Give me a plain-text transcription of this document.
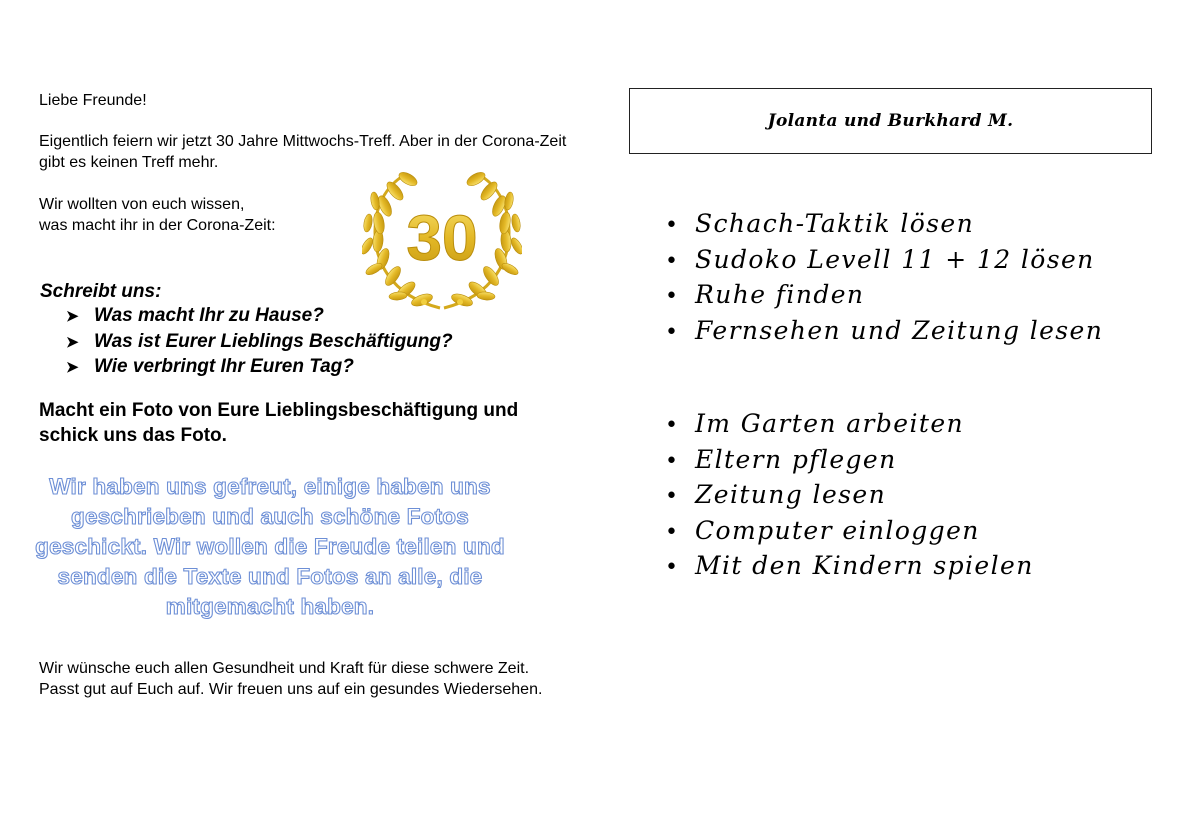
Liebe Freunde!

Eigentlich feiern wir jetzt 30 Jahre Mittwochs-Treff. Aber in der Corona-Zeit gibt es keinen Treff mehr.

Wir wollten von euch wissen,
was macht ihr in der Corona-Zeit:	30
Schreibt uns:
➤ Was macht Ihr zu Hause?
➤ Was ist Eurer Lieblings Beschäftigung?
➤ Wie verbringt Ihr Euren Tag?
Macht ein Foto von Eure Lieblingsbeschäftigung und schick uns das Foto.
Wir haben uns gefreut, einige haben uns geschrieben und auch schöne Fotos geschickt. Wir wollen die Freude teilen und senden die Texte und Fotos an alle, die mitgemacht haben.

Wir wünsche euch allen Gesundheit und Kraft für diese schwere Zeit. Passt gut auf Euch auf. Wir freuen uns auf ein gesundes Wiedersehen.

Jolanta und Burkhard M.
• Schach-Taktik lösen
• Sudoko Levell 11 + 12 lösen
• Ruhe finden
• Fernsehen und Zeitung lesen
• Im Garten arbeiten
• Eltern pflegen
• Zeitung lesen
• Computer einloggen
• Mit den Kindern spielen
